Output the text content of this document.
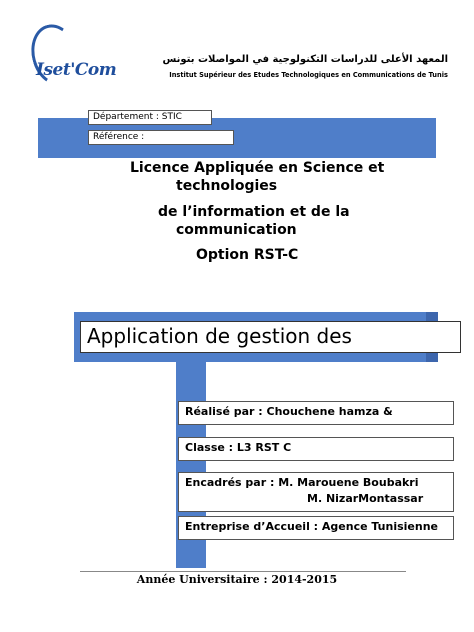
Iset'Com
المعهد الأعلى للدراسات التكنولوجية في المواصلات بتونس
Institut Supérieur des Etudes Technologiques en Communications de Tunis
Département : STIC
Référence :
Licence Appliquée en Science et
technologies
de l’information et de la
communication
Option RST-C
Application de gestion des
Réalisé par : Chouchene hamza &
Classe : L3 RST C
Encadrés par : M. Marouene Boubakri
M. NizarMontassar
Entreprise d’Accueil : Agence Tunisienne
Année Universitaire : 2014-2015
